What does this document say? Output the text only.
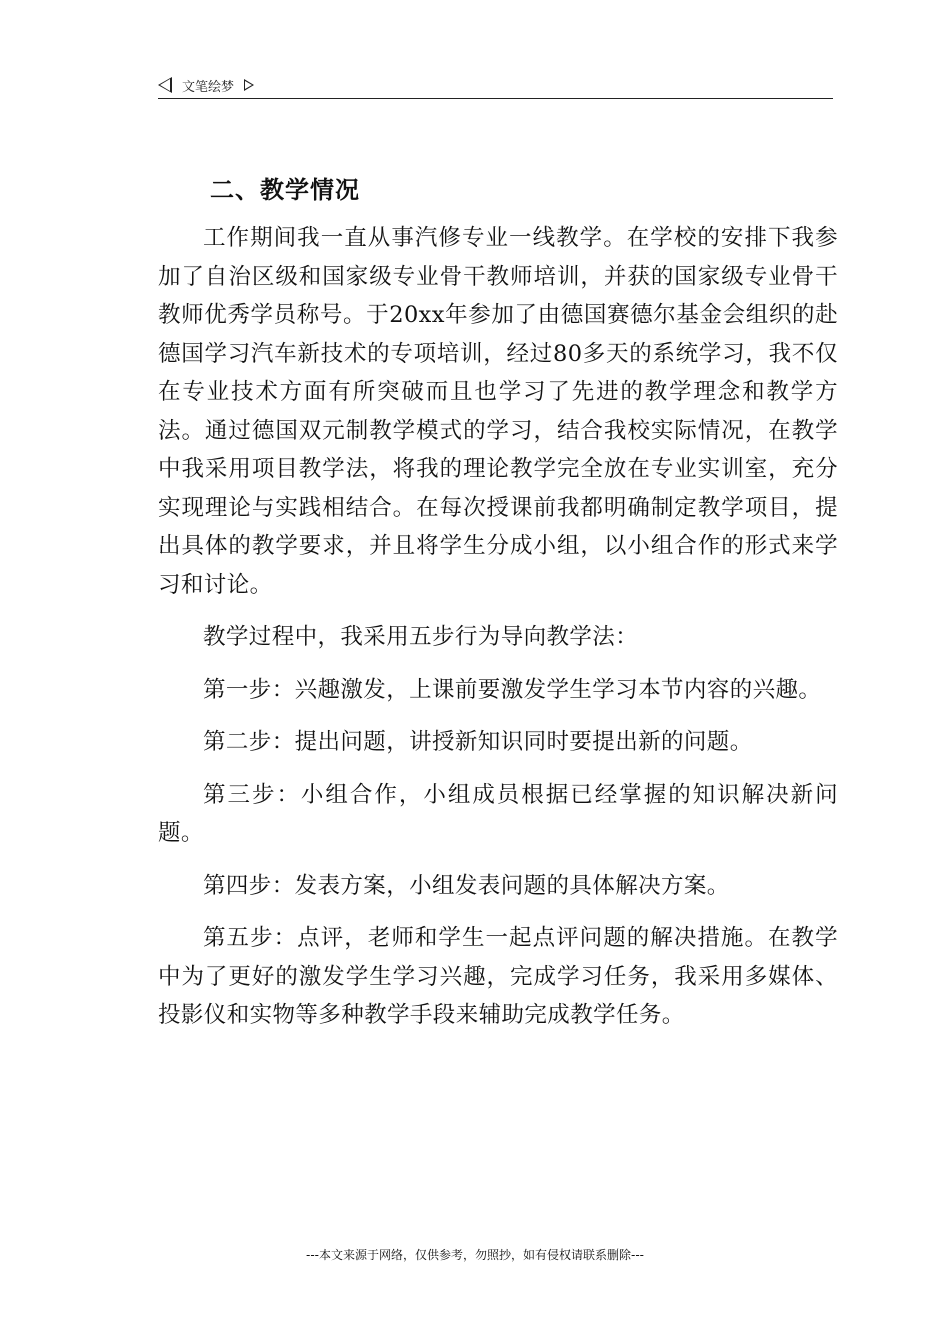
文笔绘梦
二、教学情况

工作期间我一直从事汽修专业一线教学。在学校的安排下我参加了自治区级和国家级专业骨干教师培训，并获的国家级专业骨干教师优秀学员称号。于20xx年参加了由德国赛德尔基金会组织的赴德国学习汽车新技术的专项培训，经过80多天的系统学习，我不仅在专业技术方面有所突破而且也学习了先进的教学理念和教学方法。通过德国双元制教学模式的学习，结合我校实际情况，在教学中我采用项目教学法，将我的理论教学完全放在专业实训室，充分实现理论与实践相结合。在每次授课前我都明确制定教学项目，提出具体的教学要求，并且将学生分成小组，以小组合作的形式来学习和讨论。

教学过程中，我采用五步行为导向教学法：

第一步：兴趣激发，上课前要激发学生学习本节内容的兴趣。

第二步：提出问题，讲授新知识同时要提出新的问题。

第三步：小组合作，小组成员根据已经掌握的知识解决新问题。

第四步：发表方案，小组发表问题的具体解决方案。

第五步：点评，老师和学生一起点评问题的解决措施。在教学中为了更好的激发学生学习兴趣，完成学习任务，我采用多媒体、投影仪和实物等多种教学手段来辅助完成教学任务。

---本文来源于网络，仅供参考，勿照抄，如有侵权请联系删除---
